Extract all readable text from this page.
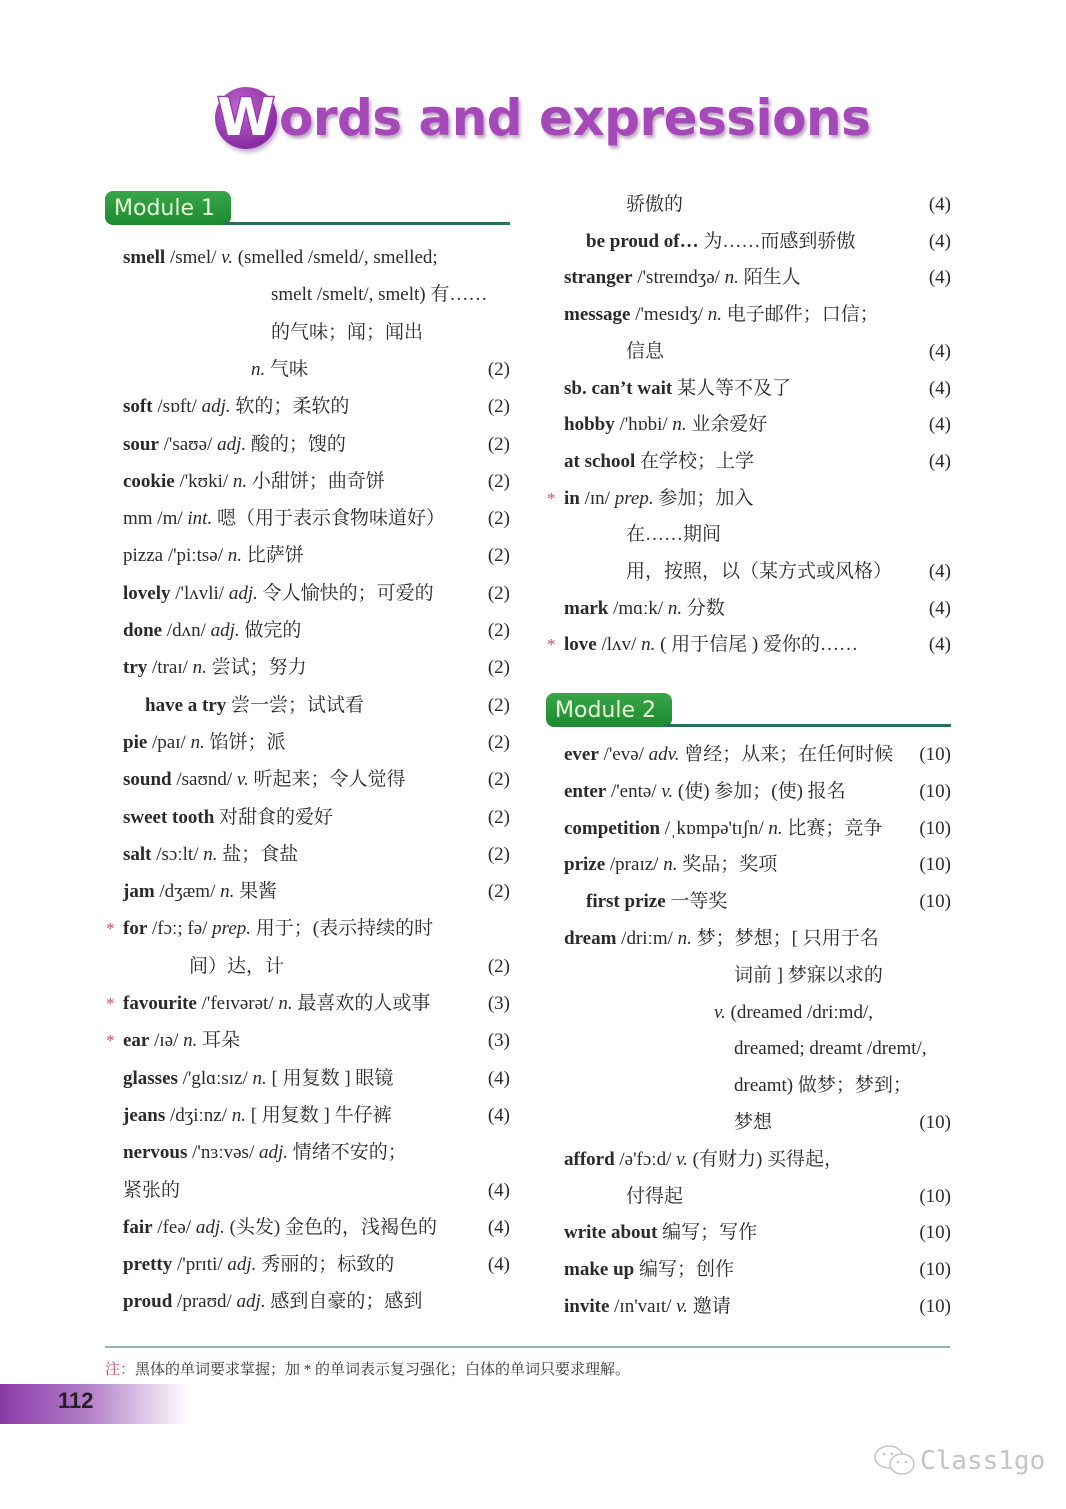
W ords and expressions
Module 1
smell /smel/ v. (smelled /smeld/, smelled;
smelt /smelt/, smelt) 有……
的气味；闻；闻出
n. 气味	(2)
soft /sɒft/ adj. 软的；柔软的	(2)
sour /'saʊə/ adj. 酸的；馊的	(2)
cookie /'kʊki/ n. 小甜饼；曲奇饼	(2)
mm /m/ int. 嗯（用于表示食物味道好） (2)
pizza /'piːtsə/ n. 比萨饼	(2)
lovely /'lʌvli/ adj. 令人愉快的；可爱的	(2)
done /dʌn/ adj. 做完的	(2)
try /traɪ/ n. 尝试；努力	(2)
have a try 尝一尝；试试看	(2)
pie /paɪ/ n. 馅饼；派	(2)
sound /saʊnd/ v. 听起来；令人觉得	(2)
sweet tooth 对甜食的爱好	(2)
salt /sɔːlt/ n. 盐；食盐	(2)
jam /dʒæm/ n. 果酱	(2)
* for /fɔː; fə/ prep. 用于；(表示持续的时
间）达，计	(2)
* favourite /'feɪvərət/ n. 最喜欢的人或事	(3)
* ear /ɪə/ n. 耳朵	(3)
glasses /'glɑːsɪz/ n. [ 用复数 ] 眼镜	(4)
jeans /dʒiːnz/ n. [ 用复数 ] 牛仔裤	(4)
nervous /'nɜːvəs/ adj. 情绪不安的；
紧张的	(4)
fair /feə/ adj. (头发) 金色的，浅褐色的	(4)
pretty /'prɪti/ adj. 秀丽的；标致的	(4)
proud /praʊd/ adj. 感到自豪的；感到
骄傲的	(4)
be proud of… 为……而感到骄傲	(4)
stranger /'streɪndʒə/ n. 陌生人	(4)
message /'mesɪdʒ/ n. 电子邮件；口信；
信息	(4)
sb. can’t wait 某人等不及了	(4)
hobby /'hɒbi/ n. 业余爱好	(4)
at school 在学校；上学	(4)
* in /ɪn/ prep. 参加；加入
在……期间
用，按照，以（某方式或风格） (4)
mark /mɑːk/ n. 分数	(4)
* love /lʌv/ n. ( 用于信尾 ) 爱你的……	(4)
Module 2
ever /'evə/ adv. 曾经；从来；在任何时候 (10)
enter /'entə/ v. (使) 参加；(使) 报名	(10)
competition /ˌkɒmpə'tɪʃn/ n. 比赛；竞争 (10)
prize /praɪz/ n. 奖品；奖项	(10)
first prize 一等奖	(10)
dream /driːm/ n. 梦；梦想；[ 只用于名
词前 ] 梦寐以求的
v. (dreamed /driːmd/,
dreamed; dreamt /dremt/,
dreamt) 做梦；梦到；
梦想	(10)
afford /ə'fɔːd/ v. (有财力) 买得起，
付得起	(10)
write about 编写；写作	(10)
make up 编写；创作	(10)
invite /ɪn'vaɪt/ v. 邀请	(10)
注：黑体的单词要求掌握；加 * 的单词表示复习强化；白体的单词只要求理解。
112
Class1go
